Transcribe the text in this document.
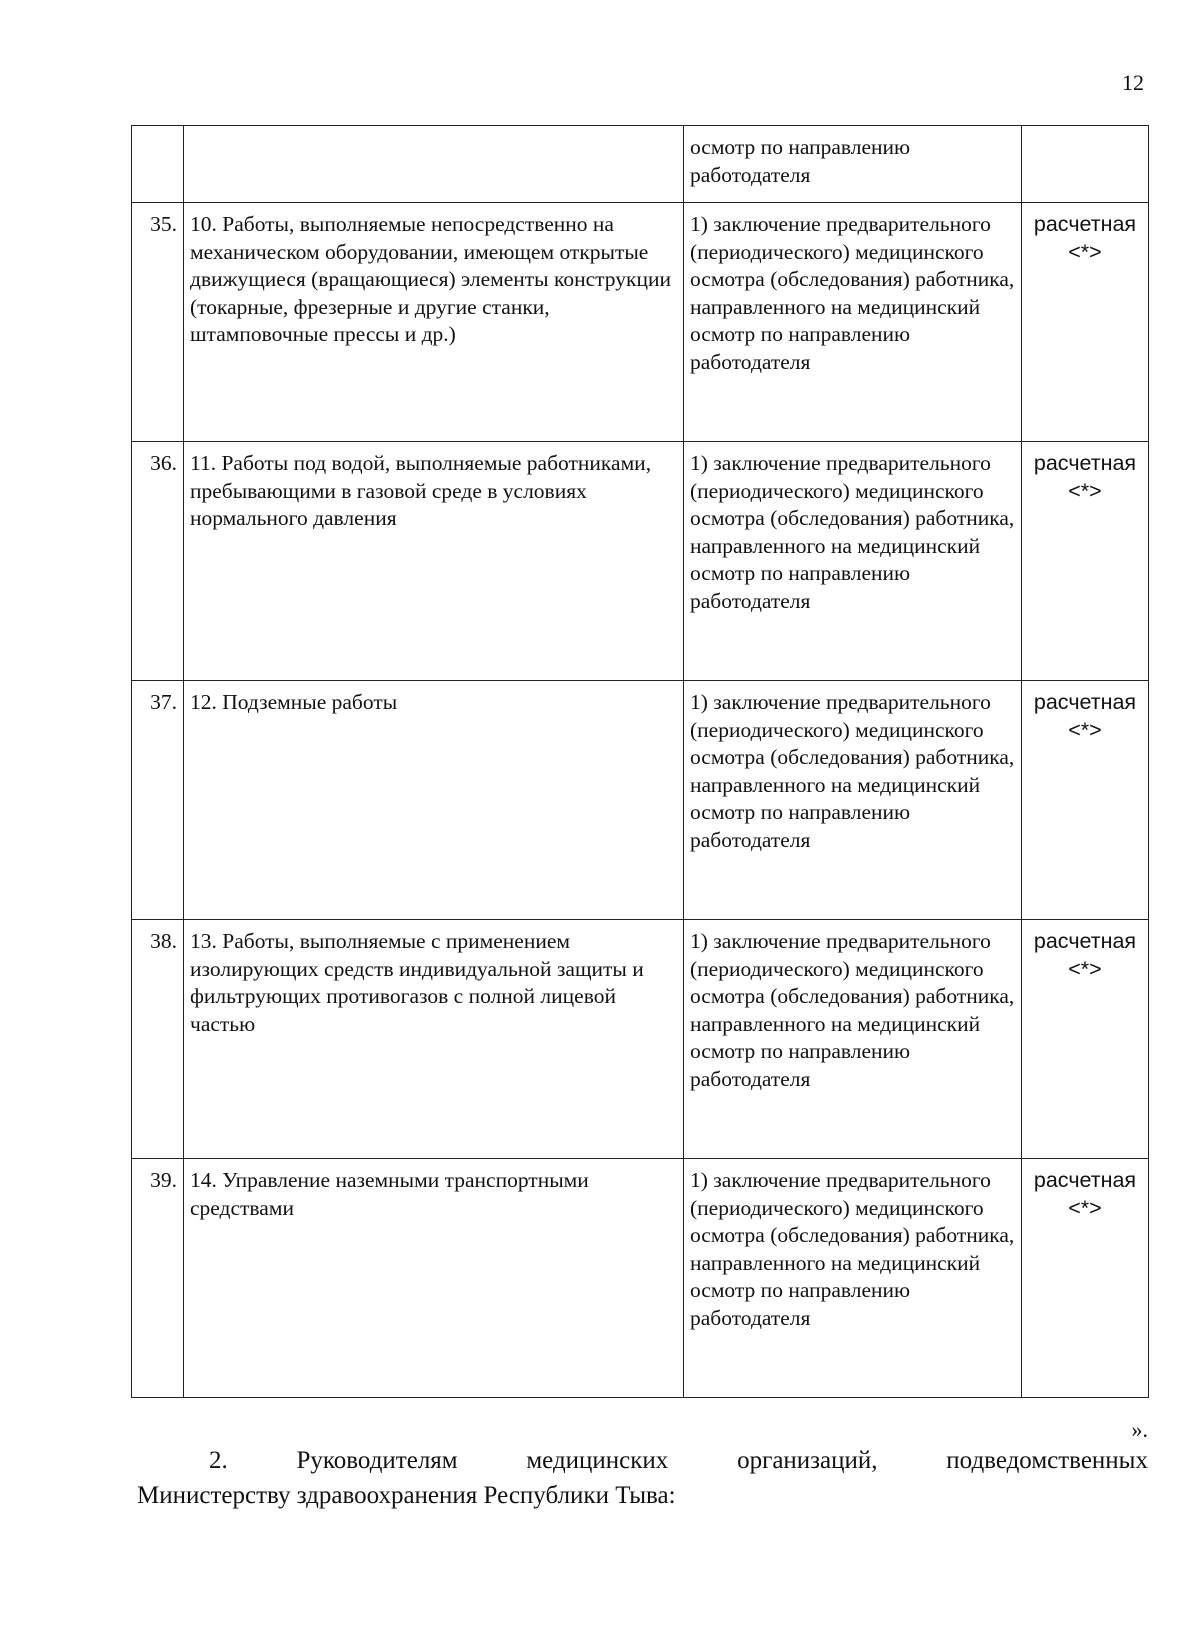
12
		осмотр по направлению работодателя	
35.	10. Работы, выполняемые непосредственно на механическом оборудовании, имеющем открытые движущиеся (вращающиеся) элементы конструкции (токарные, фрезерные и другие станки, штамповочные прессы и др.)	1) заключение предварительного (периодического) медицинского осмотра (обследования) работника, направленного на медицинский осмотр по направлению работодателя	расчетная
<*>

36.	11. Работы под водой, выполняемые работниками, пребывающими в газовой среде в условиях нормального давления	1) заключение предварительного (периодического) медицинского осмотра (обследования) работника, направленного на медицинский осмотр по направлению работодателя	расчетная
<*>

37.	12. Подземные работы	1) заключение предварительного (периодического) медицинского осмотра (обследования) работника, направленного на медицинский осмотр по направлению работодателя	расчетная
<*>

38.	13. Работы, выполняемые с применением изолирующих средств индивидуальной защиты и фильтрующих противогазов с полной лицевой частью	1) заключение предварительного (периодического) медицинского осмотра (обследования) работника, направленного на медицинский осмотр по направлению работодателя	расчетная
<*>

39.	14. Управление наземными транспортными средствами	1) заключение предварительного (периодического) медицинского осмотра (обследования) работника, направленного на медицинский осмотр по направлению работодателя	расчетная
<*>
».
2.	Руководителям	медицинских	организаций,	подведомственных
Министерству здравоохранения Республики Тыва:
